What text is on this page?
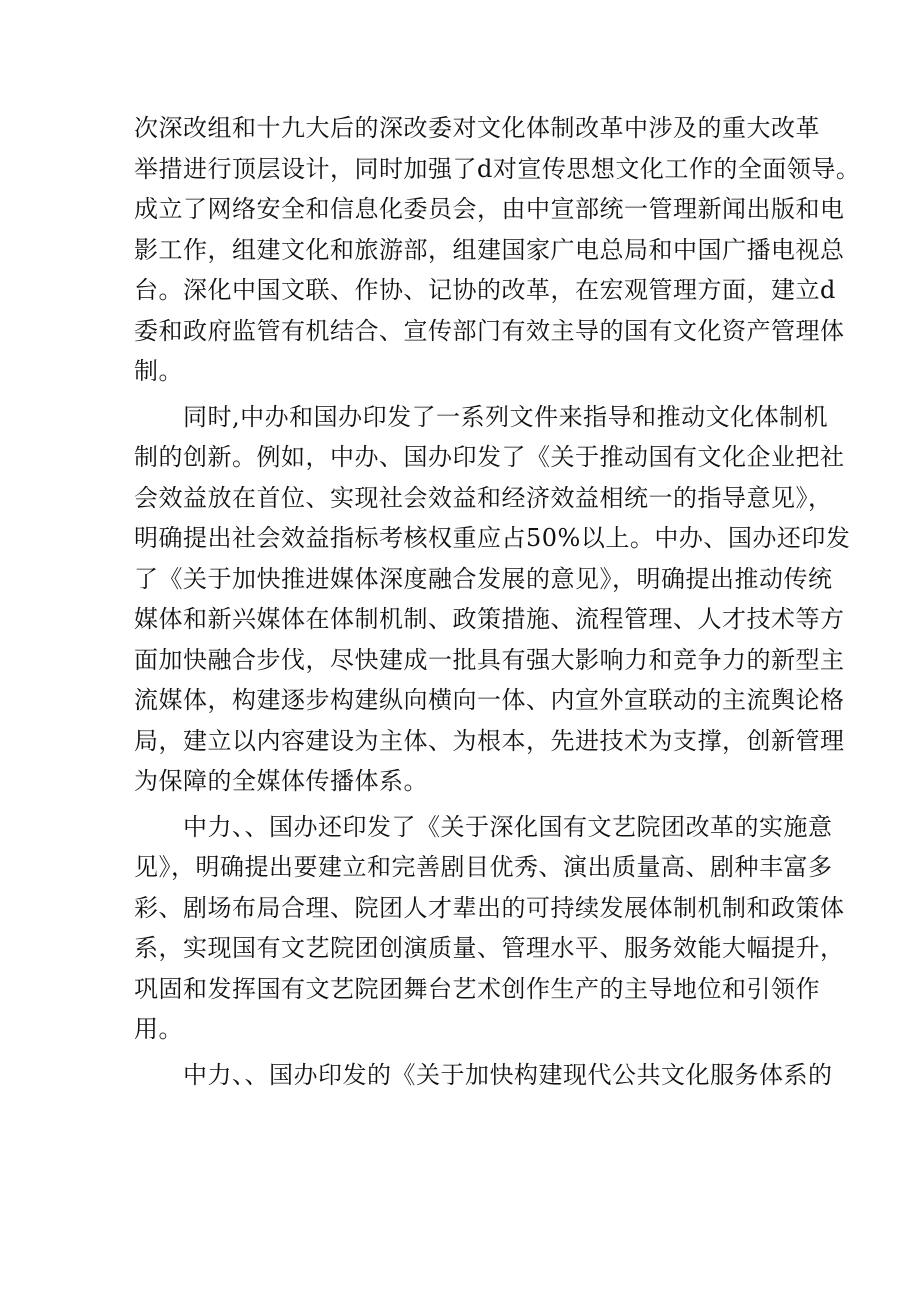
次深改组和十九大后的深改委对文化体制改革中涉及的重大改革
举措进行顶层设计，同时加强了d对宣传思想文化工作的全面领导。
成立了网络安全和信息化委员会，由中宣部统一管理新闻出版和电
影工作，组建文化和旅游部，组建国家广电总局和中国广播电视总
台。深化中国文联、作协、记协的改革，在宏观管理方面，建立d
委和政府监管有机结合、宣传部门有效主导的国有文化资产管理体
制。
　　同时,中办和国办印发了一系列文件来指导和推动文化体制机
制的创新。例如，中办、国办印发了《关于推动国有文化企业把社
会效益放在首位、实现社会效益和经济效益相统一的指导意见》，
明确提出社会效益指标考核权重应占50%以上。中办、国办还印发
了《关于加快推进媒体深度融合发展的意见》，明确提出推动传统
媒体和新兴媒体在体制机制、政策措施、流程管理、人才技术等方
面加快融合步伐，尽快建成一批具有强大影响力和竞争力的新型主
流媒体，构建逐步构建纵向横向一体、内宣外宣联动的主流舆论格
局，建立以内容建设为主体、为根本，先进技术为支撑，创新管理
为保障的全媒体传播体系。
　　中力、、国办还印发了《关于深化国有文艺院团改革的实施意
见》，明确提出要建立和完善剧目优秀、演出质量高、剧种丰富多
彩、剧场布局合理、院团人才辈出的可持续发展体制机制和政策体
系，实现国有文艺院团创演质量、管理水平、服务效能大幅提升，
巩固和发挥国有文艺院团舞台艺术创作生产的主导地位和引领作
用。
　　中力、、国办印发的《关于加快构建现代公共文化服务体系的
